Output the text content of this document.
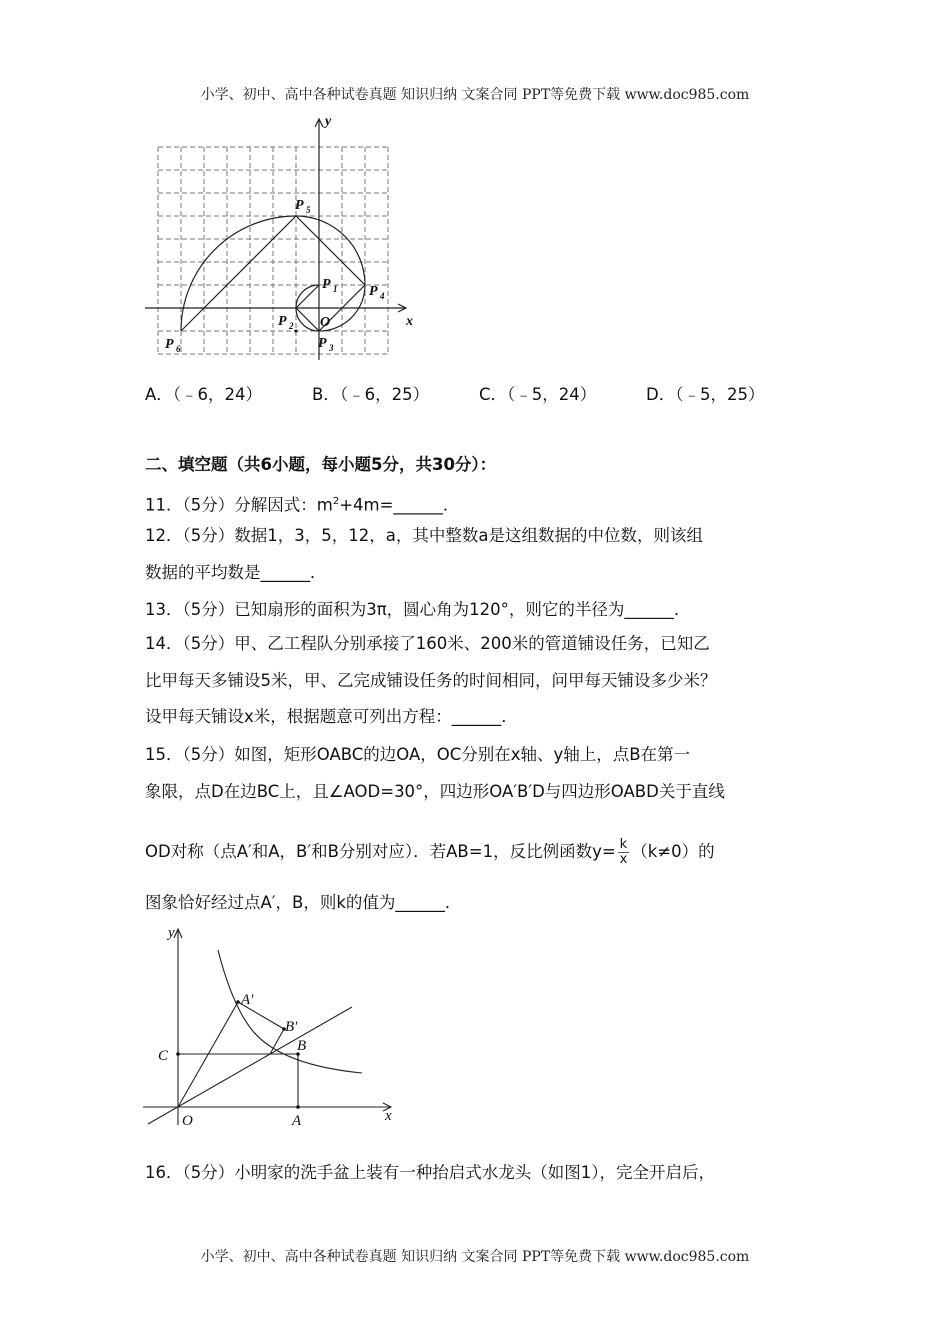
小学、初中、高中各种试卷真题 知识归纳 文案合同 PPT等免费下载 www.doc985.com
y
x
O
P 1
P 2
P 3
P 4
P 5
P 6
A．（﹣6，24）	B．（﹣6，25）	C．（﹣5，24）	D．（﹣5，25）
二、填空题（共6小题，每小题5分，共30分）：
11．（5分）分解因式：$m^2+4m=\_\_\_\_\_\_$．
12．（5分）数据1，3，5，12，a，其中整数a是这组数据的中位数，则该组
数据的平均数是______．
13．（5分）已知扇形的面积为3π，圆心角为120°，则它的半径为______．
14．（5分）甲、乙工程队分别承接了160米、200米的管道铺设任务，已知乙
比甲每天多铺设5米，甲、乙完成铺设任务的时间相同，问甲每天铺设多少米？
设甲每天铺设x米，根据题意可列出方程：______．
15．（5分）如图，矩形OABC的边OA，OC分别在x轴、y轴上，点B在第一
象限，点D在边BC上，且∠AOD=30°，四边形OA′B′D与四边形OABD关于直线
OD对称（点A′和A，B′和B分别对应）．若AB=1，反比例函数$y= \frac{k}{x} (k\ne 0)$的
图象恰好经过点A′，B，则k的值为______．
y
x
O	A
B
C
A′
B′
16．（5分）小明家的洗手盆上装有一种抬启式水龙头（如图1），完全开启后，
小学、初中、高中各种试卷真题 知识归纳 文案合同 PPT等免费下载 www.doc985.com
